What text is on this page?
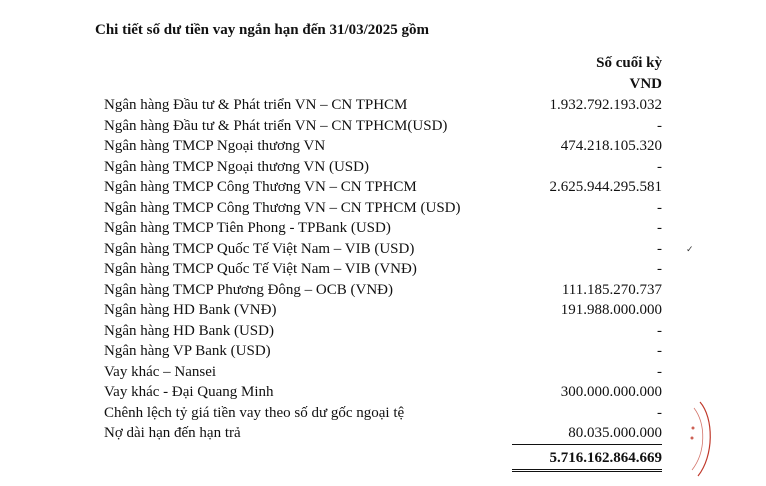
Chi tiết số dư tiền vay ngắn hạn đến 31/03/2025 gồm
Số cuối kỳ
VND
Ngân hàng Đầu tư & Phát triển VN – CN TPHCM	1.932.792.193.032
Ngân hàng Đầu tư & Phát triển VN – CN TPHCM(USD)	-
Ngân hàng TMCP Ngoại thương VN	474.218.105.320
Ngân hàng TMCP Ngoại thương VN (USD)	-
Ngân hàng TMCP Công Thương VN – CN TPHCM	2.625.944.295.581
Ngân hàng TMCP Công Thương VN – CN TPHCM (USD)	-
Ngân hàng TMCP Tiên Phong - TPBank (USD)	-
Ngân hàng TMCP Quốc Tế Việt Nam – VIB (USD)	-
Ngân hàng TMCP Quốc Tế Việt Nam – VIB (VNĐ)	-
Ngân hàng TMCP Phương Đông – OCB (VNĐ)	111.185.270.737
Ngân hàng HD Bank (VNĐ)	191.988.000.000
Ngân hàng HD Bank (USD)	-
Ngân hàng VP Bank (USD)	-
Vay khác – Nansei	-
Vay khác - Đại Quang Minh	300.000.000.000
Chênh lệch tỷ giá tiền vay theo số dư gốc ngoại tệ	-
Nợ dài hạn đến hạn trả	80.035.000.000
5.716.162.864.669
✓
